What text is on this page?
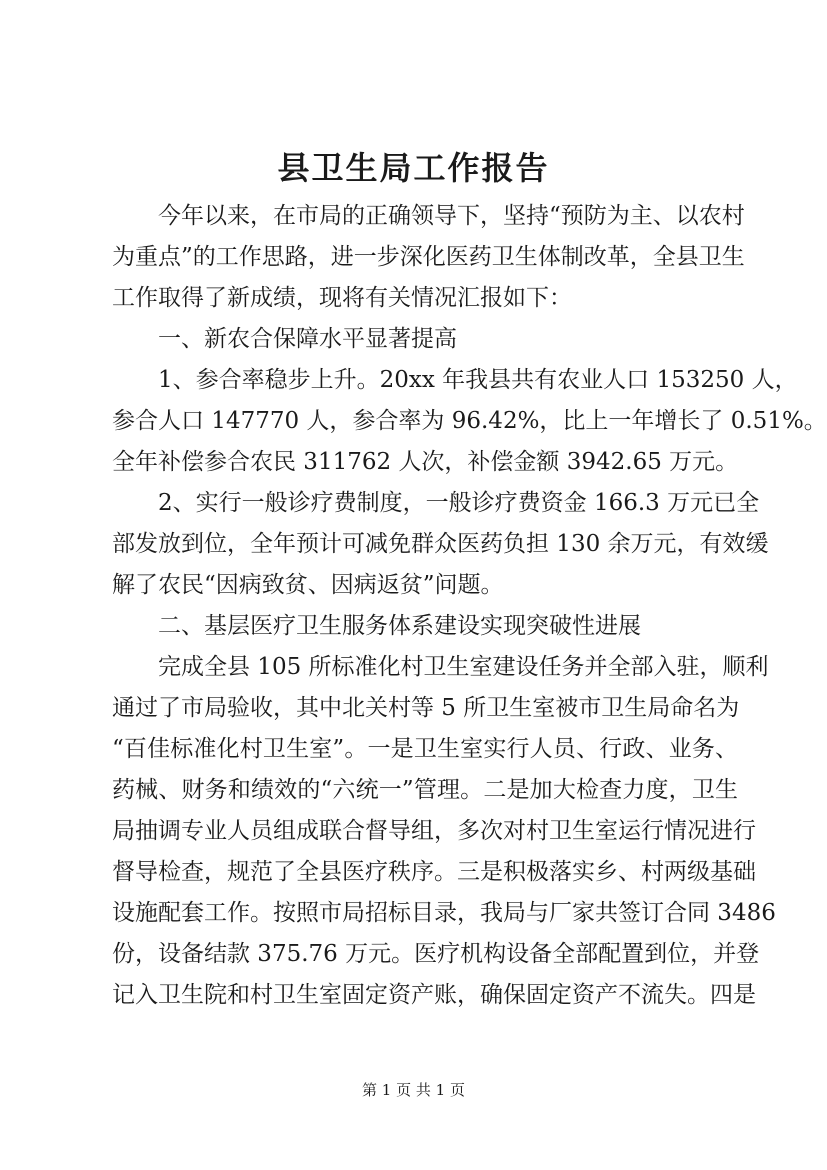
县卫生局工作报告
今年以来，在市局的正确领导下，坚持“预防为主、以农村
为重点”的工作思路，进一步深化医药卫生体制改革，全县卫生
工作取得了新成绩，现将有关情况汇报如下：
一、新农合保障水平显著提高
1、参合率稳步上升。20xx 年我县共有农业人口 153250 人，
参合人口 147770 人，参合率为 96.42%，比上一年增长了 0.51%。
全年补偿参合农民 311762 人次，补偿金额 3942.65 万元。
2、实行一般诊疗费制度，一般诊疗费资金 166.3 万元已全
部发放到位，全年预计可减免群众医药负担 130 余万元，有效缓
解了农民“因病致贫、因病返贫”问题。
二、基层医疗卫生服务体系建设实现突破性进展
完成全县 105 所标准化村卫生室建设任务并全部入驻，顺利
通过了市局验收，其中北关村等 5 所卫生室被市卫生局命名为
“百佳标准化村卫生室”。一是卫生室实行人员、行政、业务、
药械、财务和绩效的“六统一”管理。二是加大检查力度，卫生
局抽调专业人员组成联合督导组，多次对村卫生室运行情况进行
督导检查，规范了全县医疗秩序。三是积极落实乡、村两级基础
设施配套工作。按照市局招标目录，我局与厂家共签订合同 3486
份，设备结款 375.76 万元。医疗机构设备全部配置到位，并登
记入卫生院和村卫生室固定资产账，确保固定资产不流失。四是
第 1 页 共 1 页
